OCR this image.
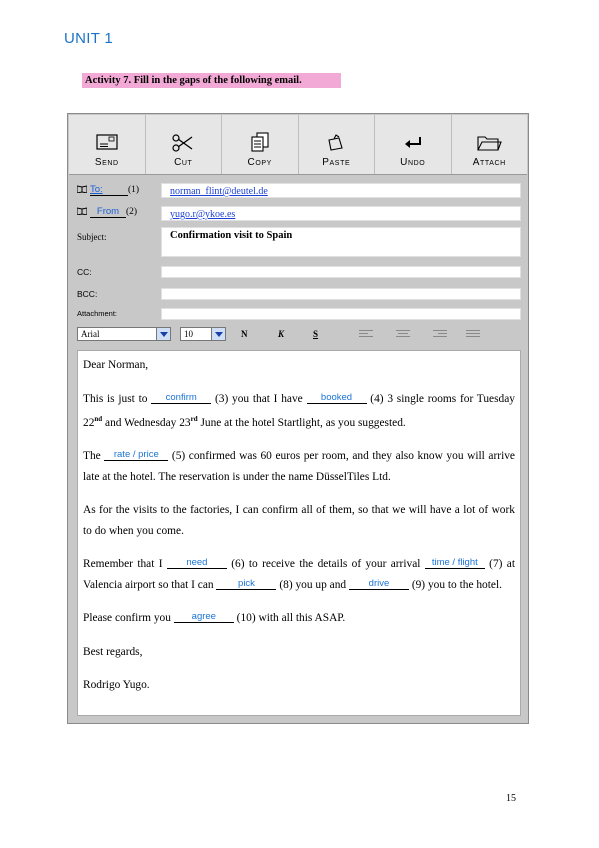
UNIT 1
Activity 7. Fill in the gaps of the following email.
Send	Cut	Copy	Paste	Undo	Attach
To:	(1)	norman_flint@deutel.de
From (2)	yugo.r@ykoe.es
Subject:	Confirmation visit to Spain
CC:
BCC:
Attachment:
Arial	10	N	K	S

Dear Norman,

This is just to confirm (3) you that I have booked (4) 3 single rooms for Tuesday 22nd and Wednesday 23rd June at the hotel Startlight, as you suggested.

The rate / price (5) confirmed was 60 euros per room, and they also know you will arrive late at the hotel. The reservation is under the name DüsselTiles Ltd.

As for the visits to the factories, I can confirm all of them, so that we will have a lot of work to do when you come.

Remember that I	need (6) to receive the details of your arrival time / flight (7) at Valencia airport so that I can	pick (8) you up and drive (9) you to the hotel.

Please confirm you agree (10) with all this ASAP.

Best regards,

Rodrigo Yugo.

15
